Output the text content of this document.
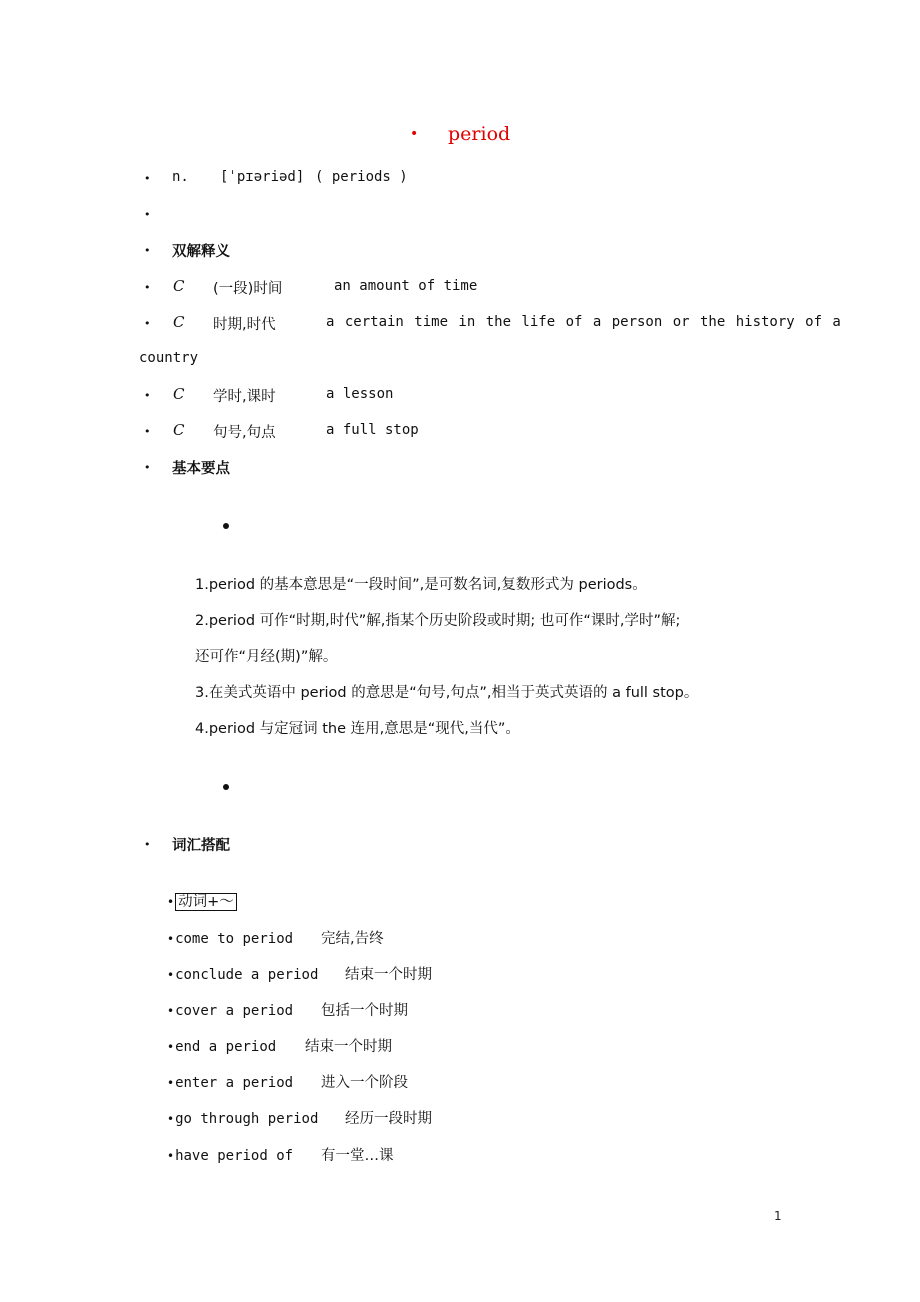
• period
• n. [ˈpɪəriəd] ( periods )
•
• 双解释义
• C (一段)时间	an amount of time
• C 时期,时代	a certain time in the life of a person or the history of a
country
• C 学时,课时	a lesson
• C 句号,句点	a full stop
• 基本要点
1.period 的基本意思是“一段时间”,是可数名词,复数形式为 periods。
2.period 可作“时期,时代”解,指某个历史阶段或时期; 也可作“课时,学时”解;
还可作“月经(期)”解。
3.在美式英语中 period 的意思是“句号,句点”,相当于英式英语的 a full stop。
4.period 与定冠词 the 连用,意思是“现代,当代”。
• 词汇搭配
• 动词+～
•come to period 完结,告终
•conclude a period 结束一个时期
•cover a period 包括一个时期
•end a period 结束一个时期
•enter a period 进入一个阶段
•go through period 经历一段时期
•have period of 有一堂…课
1
